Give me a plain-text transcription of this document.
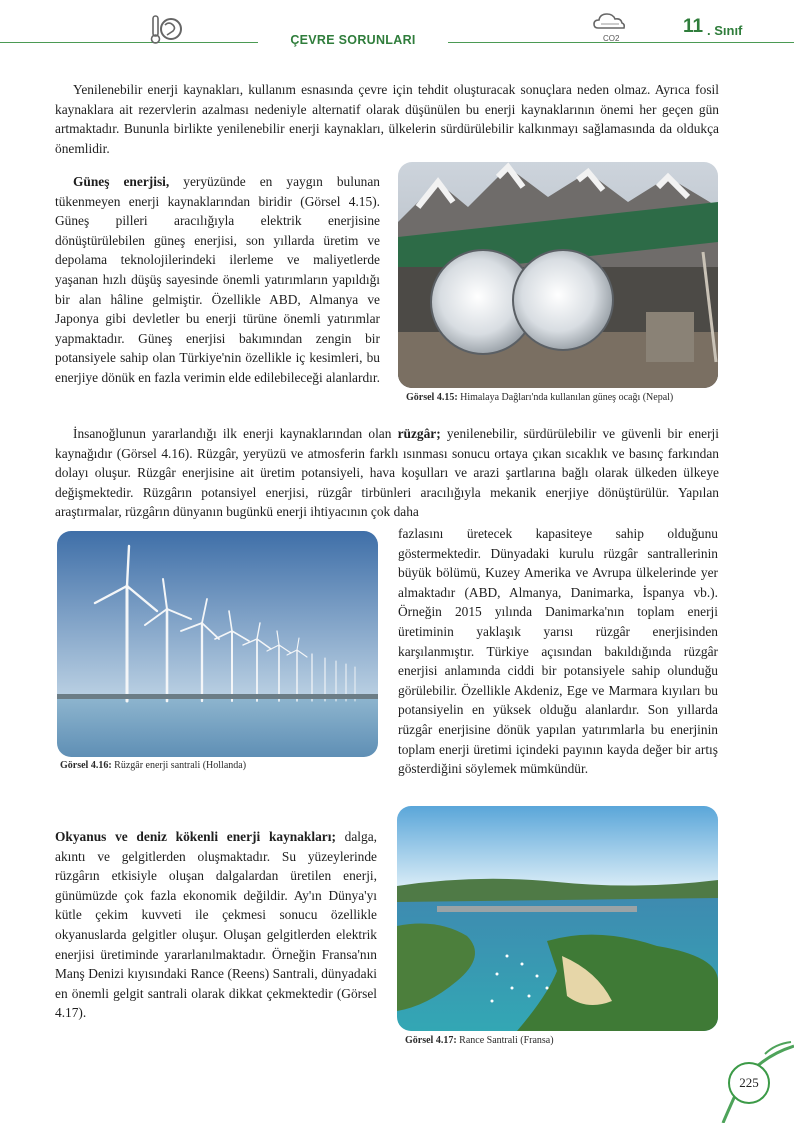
ÇEVRE SORUNLARI	CO2
11 . Sınıf

Yenilenebilir enerji kaynakları, kullanım esnasında çevre için tehdit oluşturacak sonuçlara neden olmaz. Ayrıca fosil kaynaklara ait rezervlerin azalması nedeniyle alternatif olarak düşünülen bu enerji kaynaklarının önemi her geçen gün artmaktadır. Bununla birlikte yenilenebilir enerji kaynakları, ülkelerin sürdürülebilir kalkınmayı sağlamasında da oldukça önemlidir.

Güneş enerjisi, yeryüzünde en yaygın bulunan tükenmeyen enerji kaynaklarından biridir (Görsel 4.15). Güneş pilleri aracılığıyla elektrik enerjisine dönüştürülebilen güneş enerjisi, son yıllarda üretim ve depolama teknolojilerindeki ilerleme ve maliyetlerde yaşanan hızlı düşüş sayesinde önemli yatırımların yapıldığı bir alan hâline gelmiştir. Özellikle ABD, Almanya ve Japonya gibi devletler bu enerji türüne önemli yatırımlar yapmaktadır. Güneş enerjisi bakımından zengin bir potansiyele sahip olan Türkiye'nin özellikle iç kesimleri, bu enerjiye dönük en fazla verimin elde edilebileceği alanlardır.

Görsel 4.15: Himalaya Dağları'nda kullanılan güneş ocağı (Nepal)

İnsanoğlunun yararlandığı ilk enerji kaynaklarından olan rüzgâr; yenilenebilir, sürdürülebilir ve güvenli bir enerji kaynağıdır (Görsel 4.16). Rüzgâr, yeryüzü ve atmosferin farklı ısınması sonucu ortaya çıkan sıcaklık ve basınç farkından dolayı oluşur. Rüzgâr enerjisine ait üretim potansiyeli, hava koşulları ve arazi şartlarına bağlı olarak ülkeden ülkeye değişmektedir. Rüzgârın potansiyel enerjisi, rüzgâr tirbünleri aracılığıyla mekanik enerjiye dönüştürülür. Yapılan araştırmalar, rüzgârın dünyanın bugünkü enerji ihtiyacının çok daha

Görsel 4.16: Rüzgâr enerji santrali (Hollanda)

fazlasını üretecek kapasiteye sahip olduğunu göstermektedir. Dünyadaki kurulu rüzgâr santrallerinin büyük bölümü, Kuzey Amerika ve Avrupa ülkelerinde yer almaktadır (ABD, Almanya, Danimarka, İspanya vb.). Örneğin 2015 yılında Danimarka'nın toplam enerji üretiminin yaklaşık yarısı rüzgâr enerjisinden karşılanmıştır. Türkiye açısından bakıldığında rüzgâr enerjisi anlamında ciddi bir potansiyele sahip olunduğu görülebilir. Özellikle Akdeniz, Ege ve Marmara kıyıları bu potansiyelin en yüksek olduğu alanlardır. Son yıllarda rüzgâr enerjisine dönük yapılan yatırımlarla bu enerjinin toplam enerji üretimi içindeki payının kayda değer bir artış gösterdiğini söylemek mümkündür.

Okyanus ve deniz kökenli enerji kaynakları; dalga, akıntı ve gelgitlerden oluşmaktadır. Su yüzeylerinde rüzgârın etkisiyle oluşan dalgalardan üretilen enerji, günümüzde çok fazla ekonomik değildir. Ay'ın Dünya'yı kütle çekim kuvveti ile çekmesi sonucu özellikle okyanuslarda gelgitler oluşur. Oluşan gelgitlerden elektrik enerjisi üretiminde yararlanılmaktadır. Örneğin Fransa'nın Manş Denizi kıyısındaki Rance (Reens) Santrali, dünyadaki en önemli gelgit santrali olarak dikkat çekmektedir (Görsel 4.17).

Görsel 4.17: Rance Santrali (Fransa)
225
